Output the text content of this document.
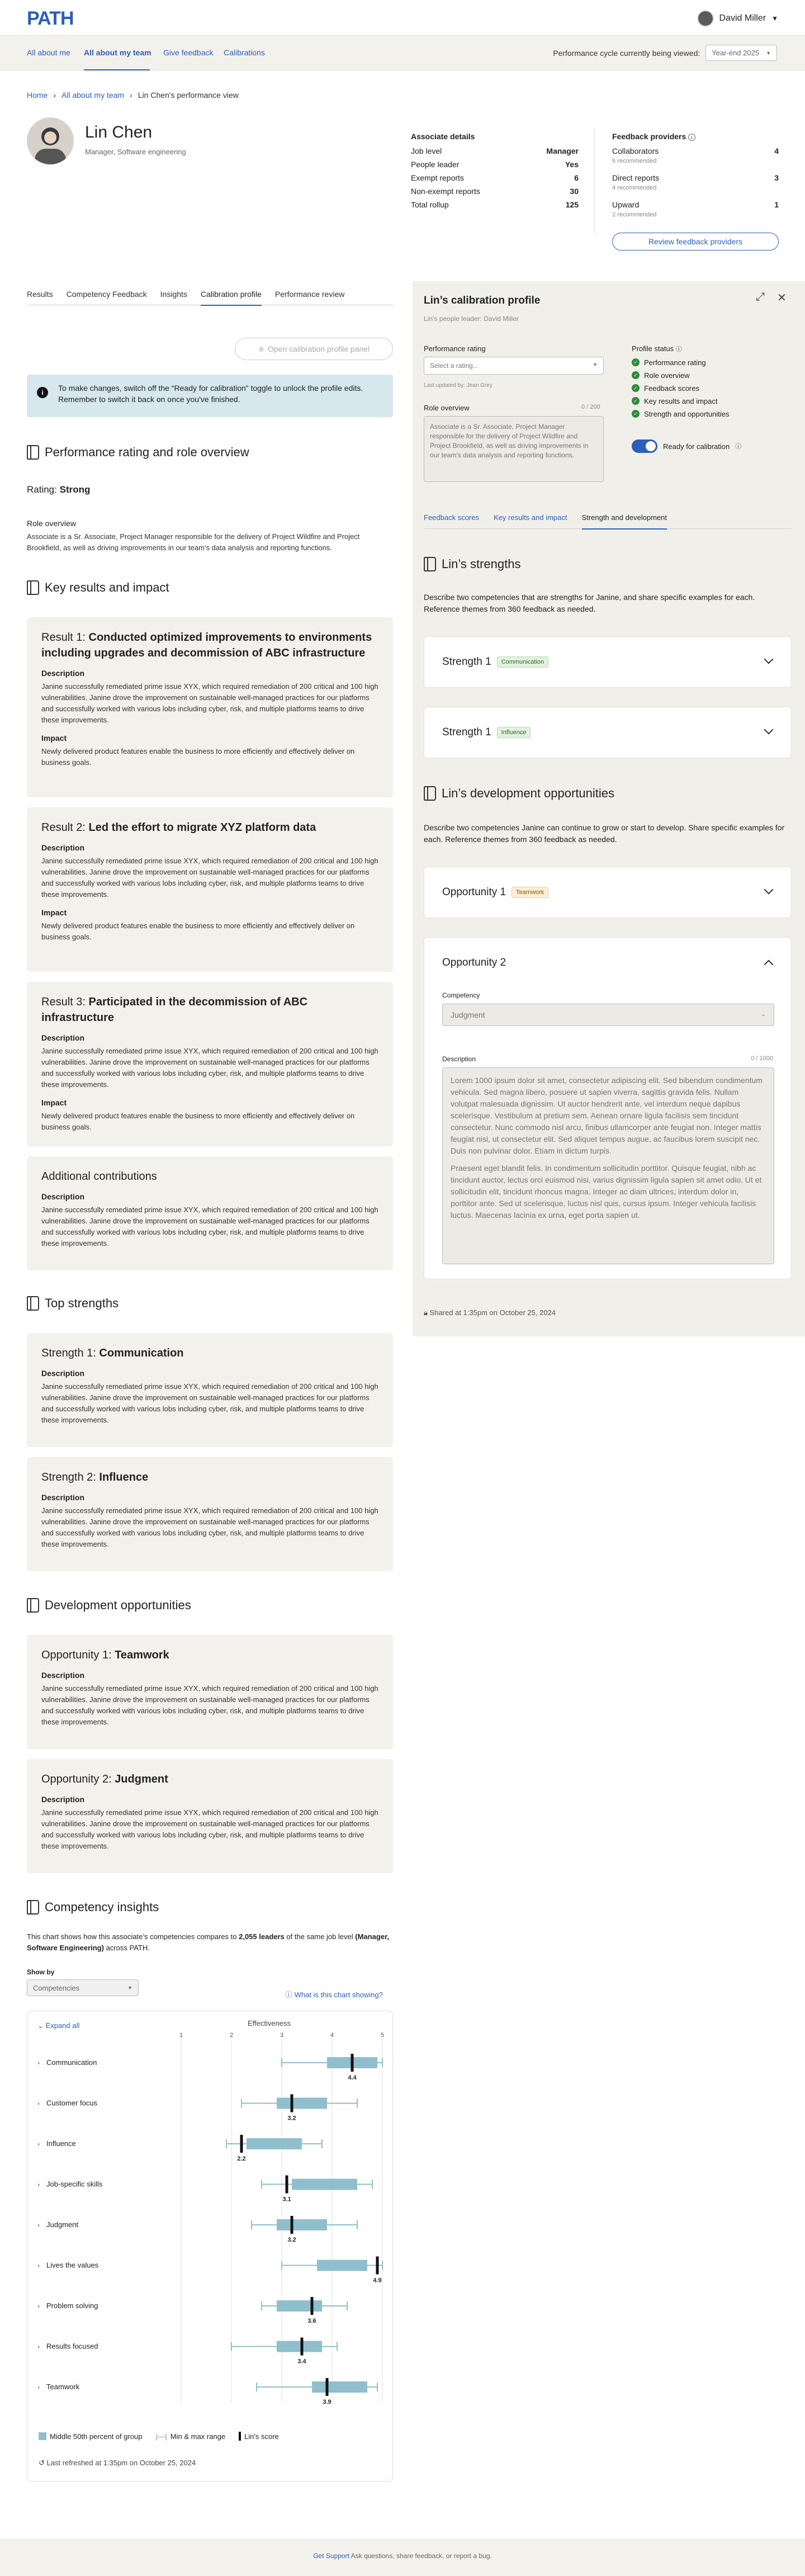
PATH	David Miller ▼
All about me All about my team Give feedback Calibrations	Performance cycle currently being viewed: Year-end 2025 ▼
Home › All about my team › Lin Chen's performance view
Lin Chen
Manager, Software engineering
Associate details
Job level	Manager
People leader	Yes
Exempt reports	6
Non-exempt reports	30
Total rollup	125
Feedback providers i
Collaborators	4
6 recommended
Direct reports	3
4 recommended
Upward	1
2 recommended
Review feedback providers
Results Competency Feedback Insights Calibration profile Performance review
⎈ Open calibration profile panel
i	To make changes, switch off the “Ready for calibration” toggle to unlock the profile edits. Remember to switch it back on once you've finished.
Performance rating and role overview
Rating: Strong
Role overview
Associate is a Sr. Associate, Project Manager responsible for the delivery of Project Wildfire and Project Brookfield, as well as driving improvements in our team’s data analysis and reporting functions.
Key results and impact
Result 1: Conducted optimized improvements to environments including upgrades and decommission of ABC infrastructure
Description

Janine successfully remediated prime issue XYX, which required remediation of 200 critical and 100 high vulnerabilities. Janine drove the improvement on sustainable well-managed practices for our platforms and successfully worked with various lobs including cyber, risk, and multiple platforms teams to drive these improvements.

Impact

Newly delivered product features enable the business to more efficiently and effectively deliver on business goals.

Result 2: Led the effort to migrate XYZ platform data
Description

Janine successfully remediated prime issue XYX, which required remediation of 200 critical and 100 high vulnerabilities. Janine drove the improvement on sustainable well-managed practices for our platforms and successfully worked with various lobs including cyber, risk, and multiple platforms teams to drive these improvements.

Impact

Newly delivered product features enable the business to more efficiently and effectively deliver on business goals.

Result 3: Participated in the decommission of ABC infrastructure
Description

Janine successfully remediated prime issue XYX, which required remediation of 200 critical and 100 high vulnerabilities. Janine drove the improvement on sustainable well-managed practices for our platforms and successfully worked with various lobs including cyber, risk, and multiple platforms teams to drive these improvements.

Impact

Newly delivered product features enable the business to more efficiently and effectively deliver on business goals.

Additional contributions
Description

Janine successfully remediated prime issue XYX, which required remediation of 200 critical and 100 high vulnerabilities. Janine drove the improvement on sustainable well-managed practices for our platforms and successfully worked with various lobs including cyber, risk, and multiple platforms teams to drive these improvements.

Top strengths
Strength 1: Communication
Description

Janine successfully remediated prime issue XYX, which required remediation of 200 critical and 100 high vulnerabilities. Janine drove the improvement on sustainable well-managed practices for our platforms and successfully worked with various lobs including cyber, risk, and multiple platforms teams to drive these improvements.

Strength 2: Influence
Description

Janine successfully remediated prime issue XYX, which required remediation of 200 critical and 100 high vulnerabilities. Janine drove the improvement on sustainable well-managed practices for our platforms and successfully worked with various lobs including cyber, risk, and multiple platforms teams to drive these improvements.

Development opportunities
Opportunity 1: Teamwork
Description

Janine successfully remediated prime issue XYX, which required remediation of 200 critical and 100 high vulnerabilities. Janine drove the improvement on sustainable well-managed practices for our platforms and successfully worked with various lobs including cyber, risk, and multiple platforms teams to drive these improvements.

Opportunity 2: Judgment
Description

Janine successfully remediated prime issue XYX, which required remediation of 200 critical and 100 high vulnerabilities. Janine drove the improvement on sustainable well-managed practices for our platforms and successfully worked with various lobs including cyber, risk, and multiple platforms teams to drive these improvements.

Competency insights
This chart shows how this associate’s competencies compares to 2,055 leaders of the same job level (Manager, Software Engineering) across PATH.
Show by
Competencies	▼
ⓘ What is this chart showing?
⌄ Expand all	Effectiveness
1	2	3	4	5
Communication
›
4.4
Customer focus
›
3.2
Influence
›
2.2
Job-specific skills
›
3.1
Judgment
›
3.2
Lives the values
›
4.9
Problem solving
›
3.6
Results focused
›
3.4
Teamwork
›
3.9
Middle 50th percent of group |—| Min & max range	Lin's score
↺ Last refreshed at 1:35pm on October 25, 2024
Lin’s calibration profile
Lin’s people leader: David Miller
⤢ ✕
Performance rating
Select a rating...	▼
Last updated by: Jean Grey
Role overview	0 / 200
Associate is a Sr. Associate, Project Manager responsible for the delivery of Project Wildfire and Project Brookfield, as well as driving improvements in our team’s data analysis and reporting functions.
Profile status ⓘ
✓ Performance rating
✓ Role overview
✓ Feedback scores
✓ Key results and impact
✓ Strength and opportunities
Ready for calibration ⓘ
Feedback scores Key results and impact Strength and development
Lin’s strengths
Describe two competencies that are strengths for Janine, and share specific examples for each. Reference themes from 360 feedback as needed.
Strength 1	Communication
Strength 1	Influence
Lin’s development opportunities
Describe two competencies Janine can continue to grow or start to develop. Share specific examples for each. Reference themes from 360 feedback as needed.
Opportunity 1	Teamwork
Opportunity 2
Competency
Judgment	⌄
Description	0 / 1000

Lorem 1000 ipsum dolor sit amet, consectetur adipiscing elit. Sed bibendum condimentum vehicula. Sed magna libero, posuere ut sapien viverra, sagittis gravida felis. Nullam volutpat malesuada dignissim. Ut auctor hendrerit ante, vel interdum neque dapibus scelerisque. Vestibulum at pretium sem. Aenean ornare ligula facilisis sem tincidunt consectetur. Nunc commodo nisl arcu, finibus ullamcorper ante feugiat non. Integer mattis feugiat nisi, ut consectetur elit. Sed aliquet tempus augue, ac faucibus lorem suscipit nec. Duis non pulvinar dolor. Etiam in dictum turpis.

Praesent eget blandit felis. In condimentum sollicitudin porttitor. Quisque feugiat, nibh ac tincidunt auctor, lectus orci euismod nisi, varius dignissim ligula sapien sit amet odio. Ut et sollicitudin elit, tincidunt rhoncus magna. Integer ac diam ultrices, interdum dolor in, porttitor ante. Sed ut scelerisque, luctus nisl quis, cursus ipsum. Integer vehicula facilisis luctus. Maecenas lacinia ex urna, eget porta sapien ut.

🔒︎ Shared at 1:35pm on October 25, 2024
Get Support Ask questions, share feedback, or report a bug.
